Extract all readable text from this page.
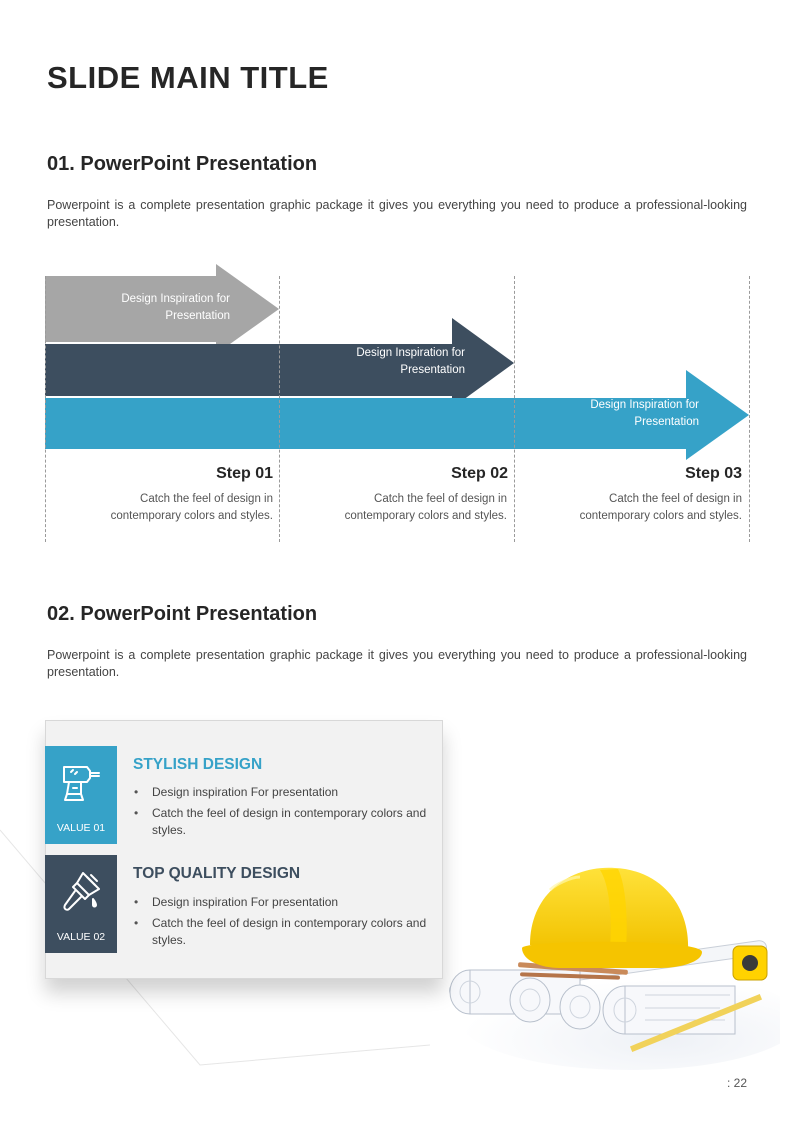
SLIDE MAIN TITLE
01. PowerPoint Presentation

Powerpoint is a complete presentation graphic package it gives you everything you need to produce a professional-looking presentation.

Design Inspiration for
Presentation
Design Inspiration for
Presentation
Design Inspiration for
Presentation
Step 01
Catch the feel of design in
contemporary colors and styles.
Step 02
Catch the feel of design in
contemporary colors and styles.
Step 03
Catch the feel of design in
contemporary colors and styles.
02. PowerPoint Presentation

Powerpoint is a complete presentation graphic package it gives you everything you need to produce a professional-looking presentation.

VALUE 01
VALUE 02
STYLISH DESIGN
• Design inspiration For presentation
• Catch the feel of design in contemporary colors and styles.
TOP QUALITY DESIGN
• Design inspiration For presentation
• Catch the feel of design in contemporary colors and styles.
: 22
